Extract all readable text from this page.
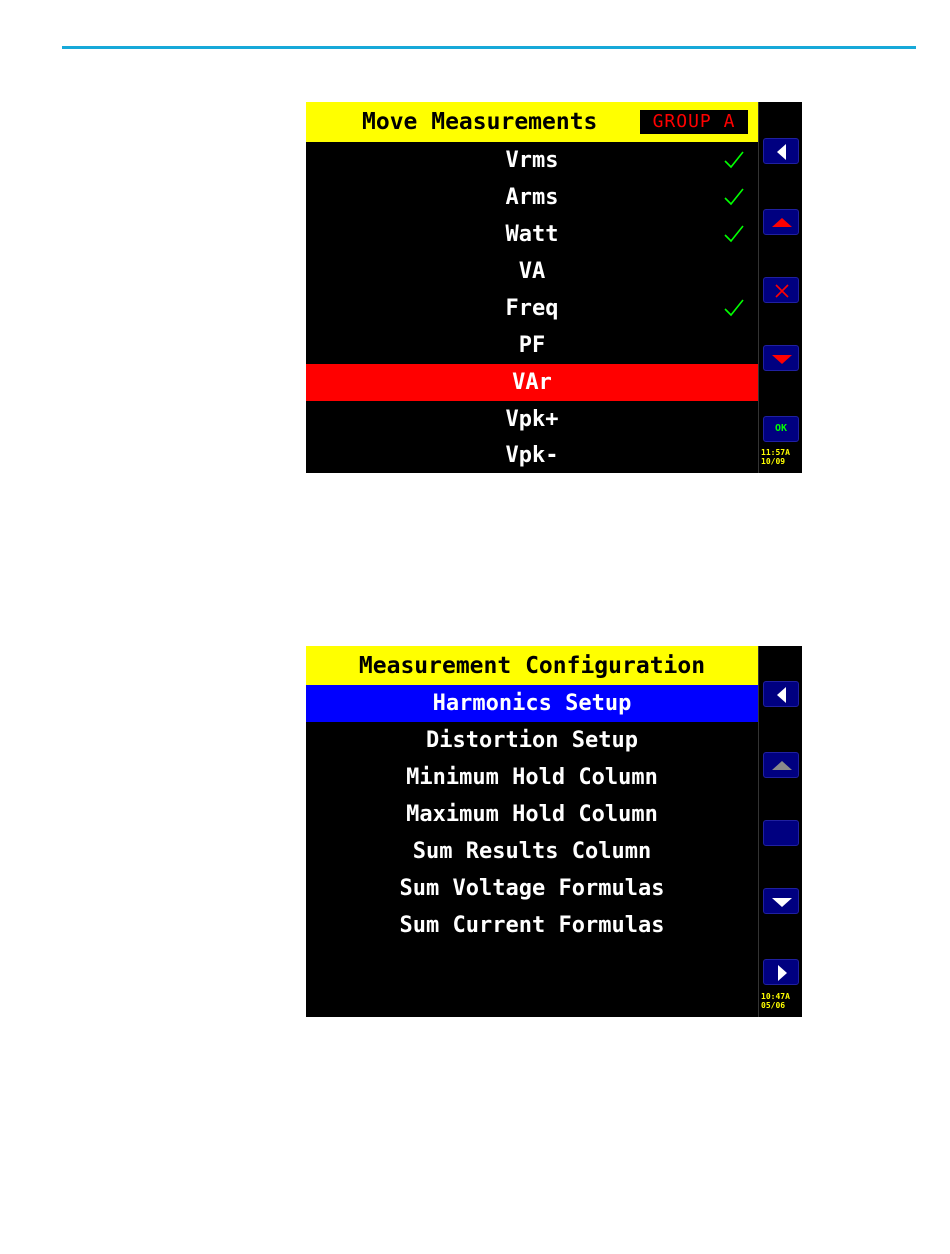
Move Measurements	GROUP A
Vrms
Arms
Watt
VA
Freq
PF
VAr
Vpk+
Vpk-
OK
11:57A
10/09
Measurement Configuration
Harmonics Setup
Distortion Setup
Minimum Hold Column
Maximum Hold Column
Sum Results Column
Sum Voltage Formulas
Sum Current Formulas
10:47A
05/06
